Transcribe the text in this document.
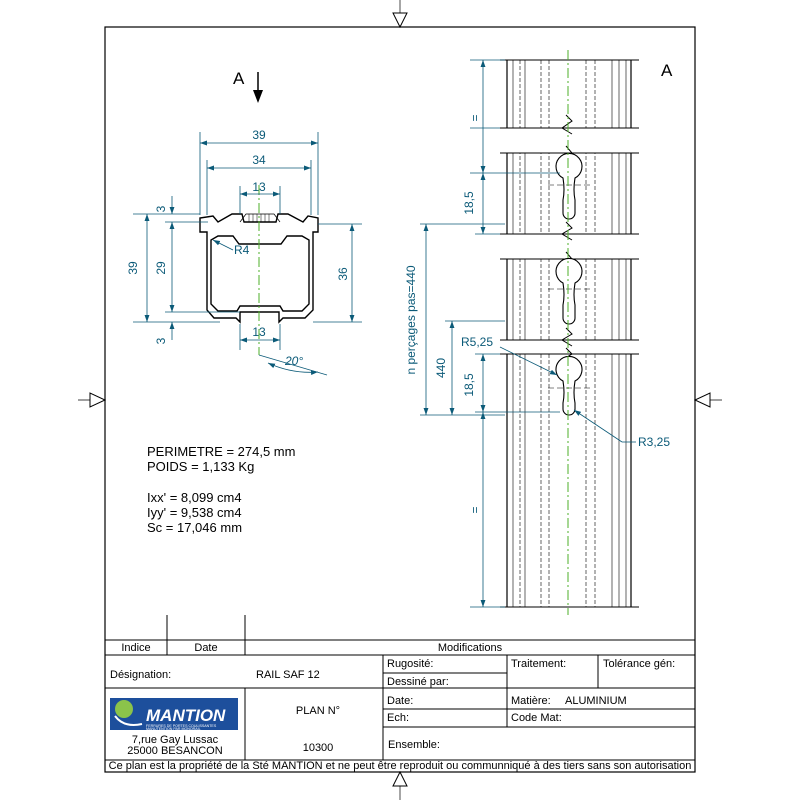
A
39
34
13
13
39 29
3
3
36
R4
20°
A
=
18,5
n perçages pas=440 440
18,5
=
R5,25
R3,25
PERIMETRE = 274,5 mm
POIDS = 1,133 Kg
Ixx' = 8,099 cm4
Iyy' = 9,538 cm4
Sc = 17,046 mm
Indice	Date	Modifications
Désignation:	RAIL SAF 12
Rugosité:
Dessiné par:
Traitement:	Tolérance gén:
MANTION
FERRURES DE PORTES COULISSANTES
MANUTENTION PAR MONORAIL
7,rue Gay Lussac
25000 BESANCON
PLAN N°
10300
Date:
Ech:
Matière: ALUMINIUM
Code Mat:
Ensemble:
Ce plan est la propriété de la Sté MANTION et ne peut être reproduit ou communniqué à des tiers sans son autorisation
